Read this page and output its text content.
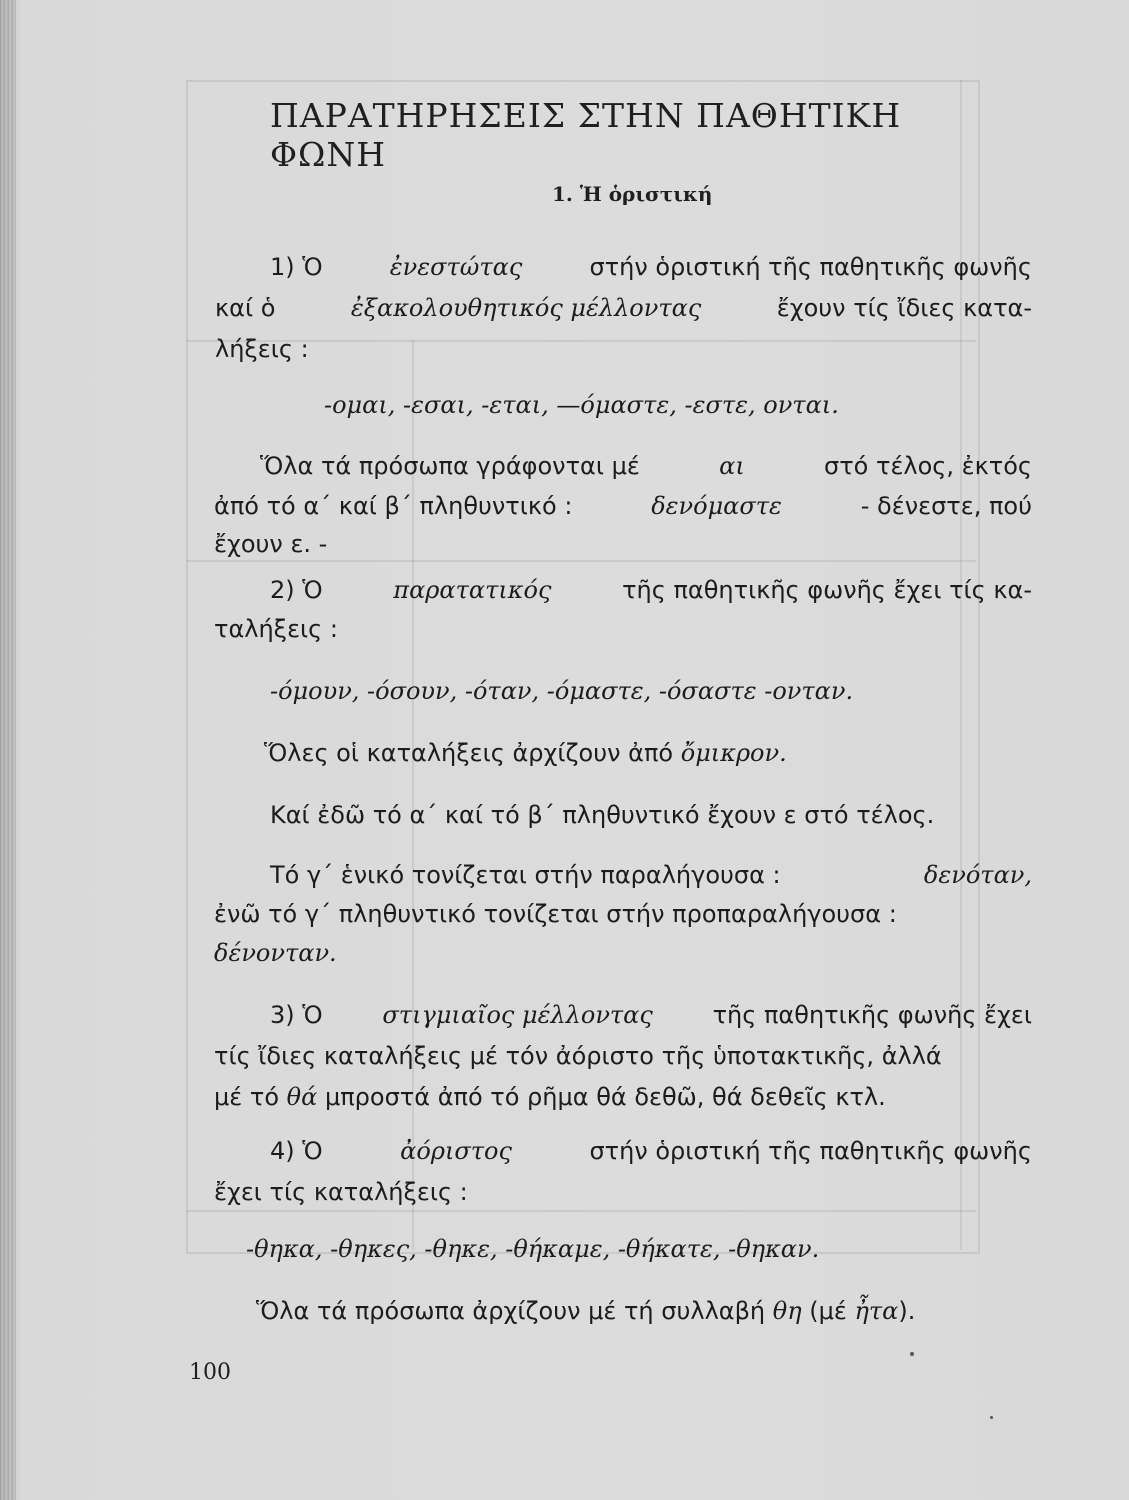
ΠΑΡΑΤΗΡΗΣΕΙΣ ΣΤΗΝ ΠΑΘΗΤΙΚΗ ΦΩΝΗ
1. Ἡ ὁριστική
1) Ὁ	ἐνεστώτας	στήν ὁριστική τῆς παθητικῆς φωνῆς
καί ὁ	ἐξακολουθητικός μέλλοντας	ἔχουν τίς ἴδιες κατα-
λήξεις :
-ομαι, -εσαι, -εται, —όμαστε, -εστε, ονται.
Ὅλα τά πρόσωπα γράφονται μέ	αι	στό τέλος, ἐκτός
ἀπό τό α΄ καί β΄ πληθυντικό :	δενόμαστε	- δένεστε, πού
ἔχουν ε. -
2) Ὁ	παρατατικός	τῆς παθητικῆς φωνῆς ἔχει τίς κα-
ταλήξεις :
-όμουν, -όσουν, -όταν, -όμαστε, -όσαστε -ονταν.
Ὅλες οἱ καταλήξεις ἀρχίζουν ἀπό ὄμικρον.
Καί ἐδῶ τό α΄ καί τό β΄ πληθυντικό ἔχουν ε στό τέλος.
Τό γ΄ ἑνικό τονίζεται στήν παραλήγουσα :	δενόταν,
ἐνῶ τό γ΄ πληθυντικό τονίζεται στήν προπαραλήγουσα :
δένονταν.
3) Ὁ στιγμιαῖος μέλλοντας τῆς παθητικῆς φωνῆς ἔχει
τίς ἴδιες καταλήξεις μέ τόν ἀόριστο τῆς ὑποτακτικῆς, ἀλλά
μέ τό θά μπροστά ἀπό τό ρῆμα θά δεθῶ, θά δεθεῖς κτλ.
4) Ὁ	ἀόριστος	στήν ὁριστική τῆς παθητικῆς φωνῆς
ἔχει τίς καταλήξεις :
-θηκα, -θηκες, -θηκε, -θήκαμε, -θήκατε, -θηκαν.
Ὅλα τά πρόσωπα ἀρχίζουν μέ τή συλλαβή θη (μέ ἦτα).
100
